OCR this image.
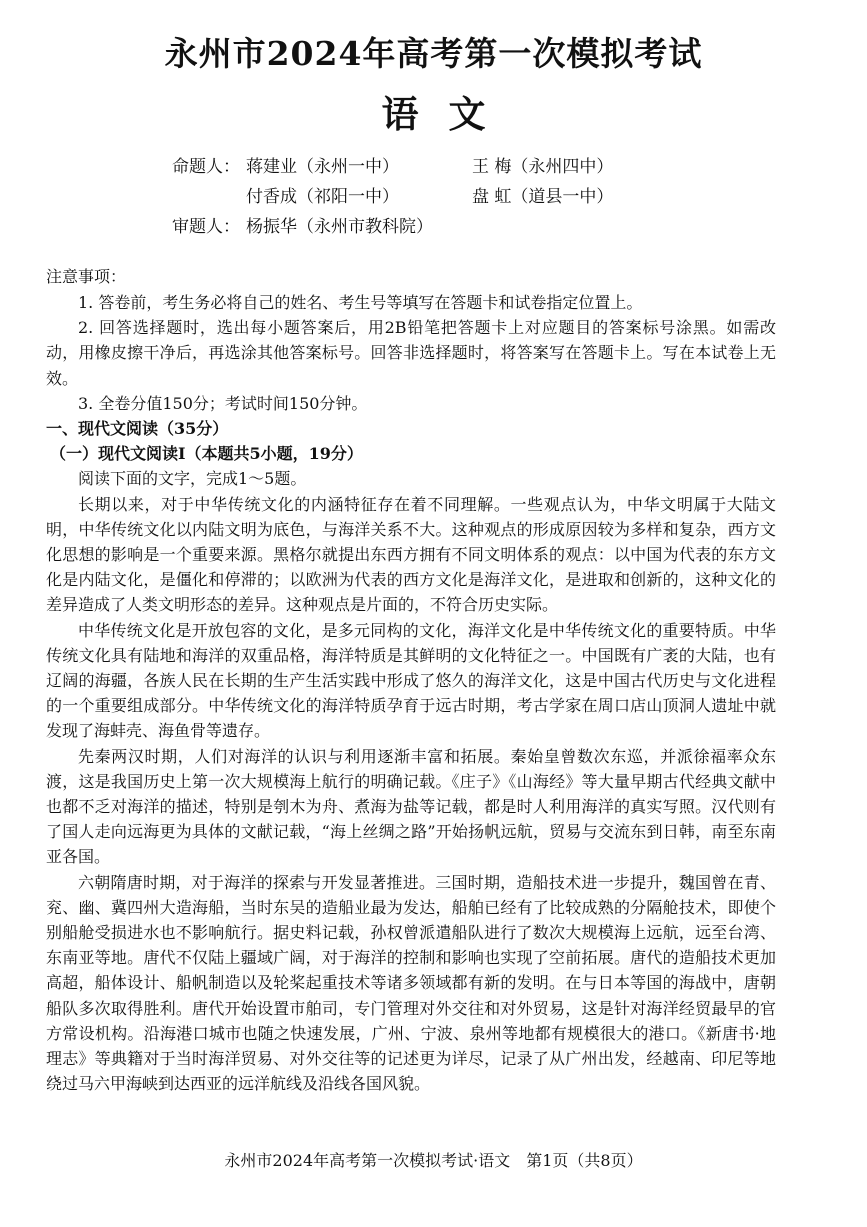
永州市2024年高考第一次模拟考试
语文
命题人： 蒋建业（永州一中）	王 梅（永州四中）
付香成（祁阳一中）	盘 虹（道县一中）
审题人： 杨振华（永州市教科院）
注意事项：

1. 答卷前，考生务必将自己的姓名、考生号等填写在答题卡和试卷指定位置上。

2. 回答选择题时，选出每小题答案后，用2B铅笔把答题卡上对应题目的答案标号涂黑。如需改动，用橡皮擦干净后，再选涂其他答案标号。回答非选择题时，将答案写在答题卡上。写在本试卷上无效。

3. 全卷分值150分；考试时间150分钟。

一、现代文阅读（35分）

（一）现代文阅读Ⅰ（本题共5小题，19分）

阅读下面的文字，完成1～5题。

长期以来，对于中华传统文化的内涵特征存在着不同理解。一些观点认为，中华文明属于大陆文明，中华传统文化以内陆文明为底色，与海洋关系不大。这种观点的形成原因较为多样和复杂，西方文化思想的影响是一个重要来源。黑格尔就提出东西方拥有不同文明体系的观点：以中国为代表的东方文化是内陆文化，是僵化和停滞的；以欧洲为代表的西方文化是海洋文化，是进取和创新的，这种文化的差异造成了人类文明形态的差异。这种观点是片面的，不符合历史实际。

中华传统文化是开放包容的文化，是多元同构的文化，海洋文化是中华传统文化的重要特质。中华传统文化具有陆地和海洋的双重品格，海洋特质是其鲜明的文化特征之一。中国既有广袤的大陆，也有辽阔的海疆，各族人民在长期的生产生活实践中形成了悠久的海洋文化，这是中国古代历史与文化进程的一个重要组成部分。中华传统文化的海洋特质孕育于远古时期，考古学家在周口店山顶洞人遗址中就发现了海蚌壳、海鱼骨等遗存。

先秦两汉时期，人们对海洋的认识与利用逐渐丰富和拓展。秦始皇曾数次东巡，并派徐福率众东渡，这是我国历史上第一次大规模海上航行的明确记载。《庄子》《山海经》等大量早期古代经典文献中也都不乏对海洋的描述，特别是刳木为舟、煮海为盐等记载，都是时人利用海洋的真实写照。汉代则有了国人走向远海更为具体的文献记载，“海上丝绸之路”开始扬帆远航，贸易与交流东到日韩，南至东南亚各国。

六朝隋唐时期，对于海洋的探索与开发显著推进。三国时期，造船技术进一步提升，魏国曾在青、兖、幽、冀四州大造海船，当时东吴的造船业最为发达，船舶已经有了比较成熟的分隔舱技术，即使个别船舱受损进水也不影响航行。据史料记载，孙权曾派遣船队进行了数次大规模海上远航，远至台湾、东南亚等地。唐代不仅陆上疆域广阔，对于海洋的控制和影响也实现了空前拓展。唐代的造船技术更加高超，船体设计、船帆制造以及轮桨起重技术等诸多领域都有新的发明。在与日本等国的海战中，唐朝船队多次取得胜利。唐代开始设置市舶司，专门管理对外交往和对外贸易，这是针对海洋经贸最早的官方常设机构。沿海港口城市也随之快速发展，广州、宁波、泉州等地都有规模很大的港口。《新唐书·地理志》等典籍对于当时海洋贸易、对外交往等的记述更为详尽，记录了从广州出发，经越南、印尼等地绕过马六甲海峡到达西亚的远洋航线及沿线各国风貌。

永州市2024年高考第一次模拟考试·语文　第1页（共8页）
